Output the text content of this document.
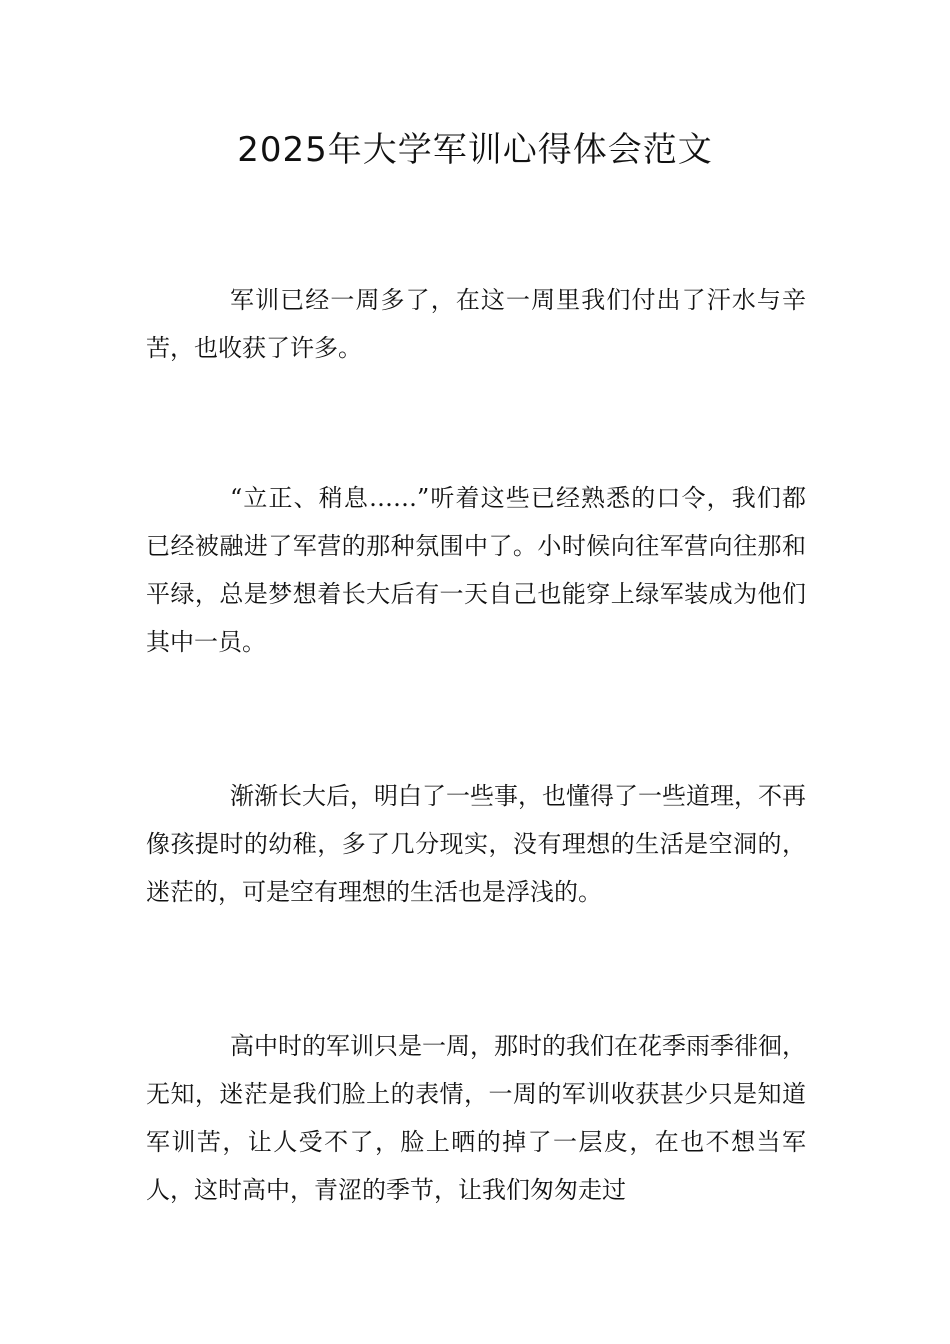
2025年大学军训心得体会范文

军训已经一周多了，在这一周里我们付出了汗水与辛苦，也收获了许多。

“立正、稍息……”听着这些已经熟悉的口令，我们都已经被融进了军营的那种氛围中了。小时候向往军营向往那和平绿，总是梦想着长大后有一天自己也能穿上绿军装成为他们其中一员。

渐渐长大后，明白了一些事，也懂得了一些道理，不再像孩提时的幼稚，多了几分现实，没有理想的生活是空洞的，迷茫的，可是空有理想的生活也是浮浅的。

高中时的军训只是一周，那时的我们在花季雨季徘徊，无知，迷茫是我们脸上的表情，一周的军训收获甚少只是知道军训苦，让人受不了，脸上晒的掉了一层皮，在也不想当军人，这时高中，青涩的季节，让我们匆匆走过
